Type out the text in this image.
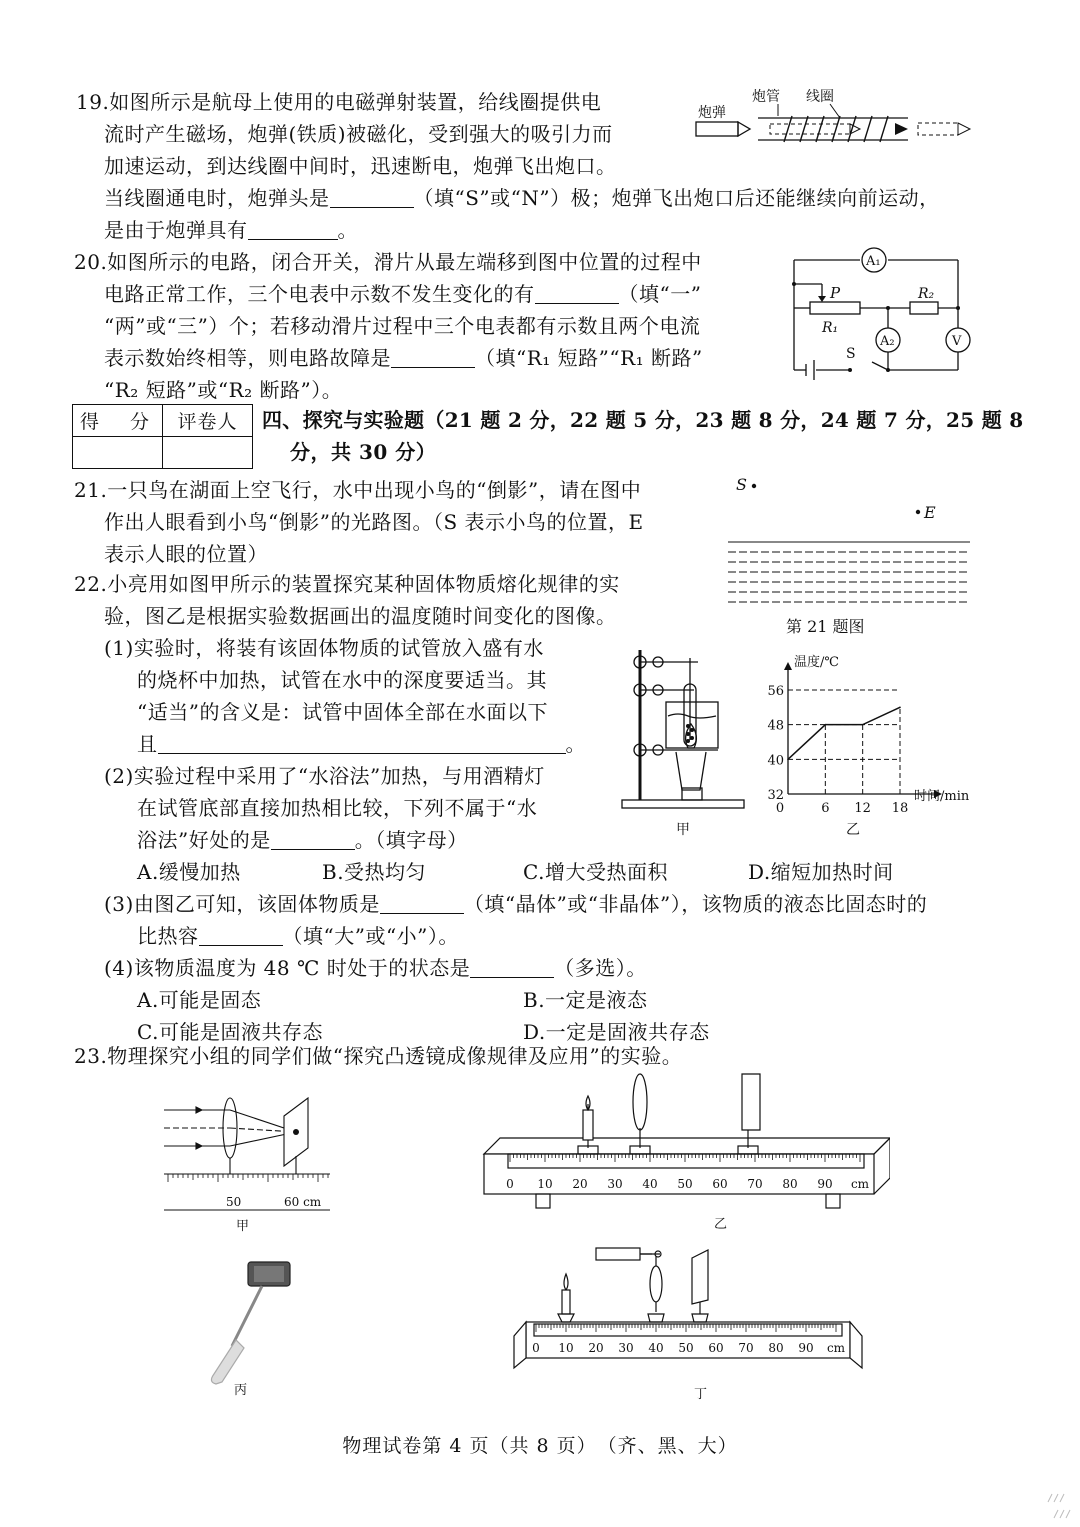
19.如图所示是航母上使用的电磁弹射装置，给线圈提供电
流时产生磁场，炮弹(铁质)被磁化，受到强大的吸引力而
加速运动，到达线圈中间时，迅速断电，炮弹飞出炮口。
当线圈通电时，炮弹头是	（填“S”或“N”）极；炮弹飞出炮口后还能继续向前运动，
是由于炮弹具有	。
炮弹
炮管 线圈
20.如图所示的电路，闭合开关，滑片从最左端移到图中位置的过程中
电路正常工作，三个电表中示数不发生变化的有	（填“一”
“两”或“三”）个；若移动滑片过程中三个电表都有示数且两个电流
表示数始终相等，则电路故障是	（填“R₁ 短路”“R₁ 断路”
“R₂ 短路”或“R₂ 断路”）。
A₁
A₂	V
P
R₁
R₂
S
得　分	评卷人
	四、探究与实验题（21 题 2 分，22 题 5 分，23 题 8 分，24 题 7 分，25 题 8
分，共 30 分）
21.一只鸟在湖面上空飞行，水中出现小鸟的“倒影”，请在图中
作出人眼看到小鸟“倒影”的光路图。（S 表示小鸟的位置，E
表示人眼的位置）
S
E
第 21 题图
22.小亮用如图甲所示的装置探究某种固体物质熔化规律的实
验，图乙是根据实验数据画出的温度随时间变化的图像。
(1)实验时，将装有该固体物质的试管放入盛有水
的烧杯中加热，试管在水中的深度要适当。其
“适当”的含义是：试管中固体全部在水面以下
且	。
(2)实验过程中采用了“水浴法”加热，与用酒精灯
在试管底部直接加热相比较，下列不属于“水
浴法”好处的是	。（填字母）
A.缓慢加热	B.受热均匀	C.增大受热面积	D.缩短加热时间
(3)由图乙可知，该固体物质是	（填“晶体”或“非晶体”），该物质的液态比固态时的
比热容	（填“大”或“小”）。
(4)该物质温度为 48 ℃ 时处于的状态是	（多选）。
A.可能是固态	B.一定是液态
C.可能是固液共存态	D.一定是固液共存态
甲
温度/℃
时间/min
32
40
48
56
0	6 12 18
乙
23.物理探究小组的同学们做“探究凸透镜成像规律及应用”的实验。
50	60 cm
甲
0 10 20 30 40 50 60 70 80 90 cm
乙
丙
0 10 20 30 40 50 60 70 80 90 cm
丁
物理试卷第 4 页（共 8 页）　（齐、黑、大）
